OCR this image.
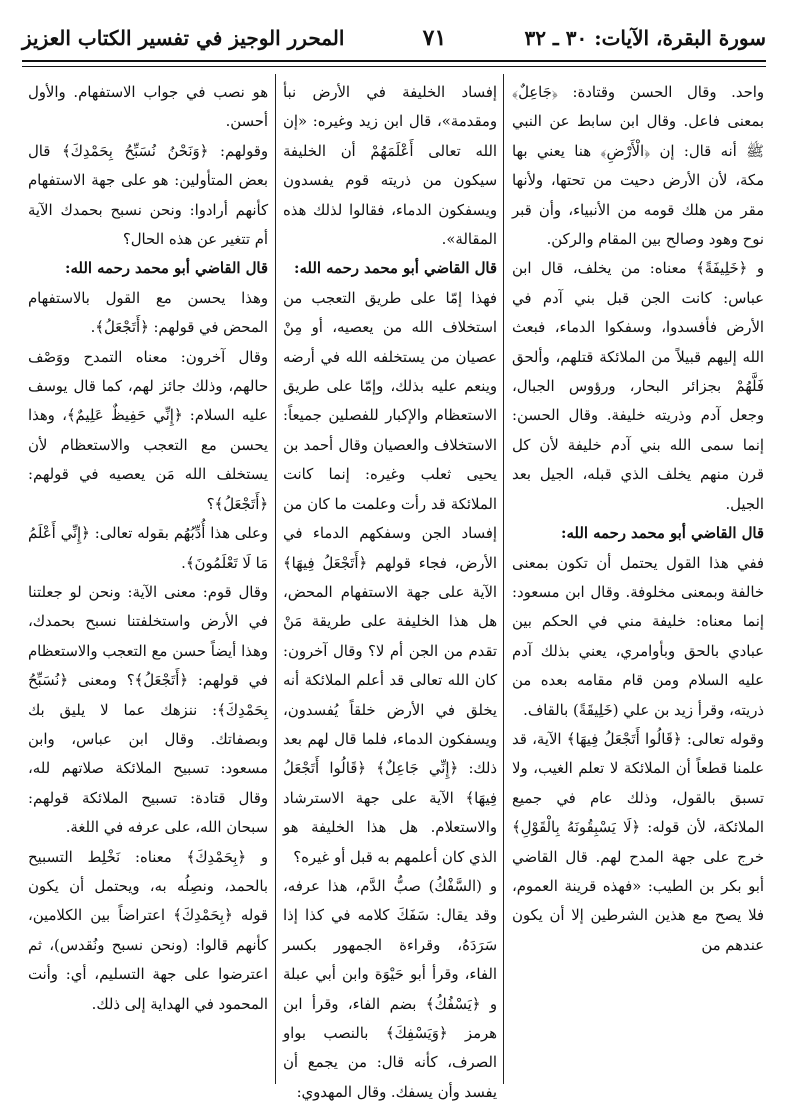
المحرر الوجيز في تفسير الكتاب العزيز	٧١	سورة البقرة، الآيات: ٣٠ ـ ٣٢

واحد. وقال الحسن وقتادة: ﴿جَاعِلٌ﴾ بمعنى فاعل. وقال ابن سابط عن النبي ﷺ أنه قال: إن ﴿الْأَرْضِ﴾ هنا يعني بها مكة، لأن الأرض دحيت من تحتها، ولأنها مقر من هلك قومه من الأنبياء، وأن قبر نوح وهود وصالح بين المقام والركن.

و ﴿خَلِيفَةً﴾ معناه: من يخلف، قال ابن عباس: كانت الجن قبل بني آدم في الأرض فأفسدوا، وسفكوا الدماء، فبعث الله إليهم قبيلاً من الملائكة قتلهم، وألحق فَلَّهُمْ بجزائر البحار، ورؤوس الجبال، وجعل آدم وذريته خليفة. وقال الحسن: إنما سمى الله بني آدم خليفة لأن كل قرن منهم يخلف الذي قبله، الجيل بعد الجيل.

قال القاضي أبو محمد رحمه الله:

ففي هذا القول يحتمل أن تكون بمعنى خالفة وبمعنى مخلوفة. وقال ابن مسعود: إنما معناه: خليفة مني في الحكم بين عبادي بالحق وبأوامري، يعني بذلك آدم عليه السلام ومن قام مقامه بعده من ذريته، وقرأ زيد بن علي (خَلِيقَةً) بالقاف.

وقوله تعالى: ﴿قَالُوا أَتَجْعَلُ فِيهَا﴾ الآية، قد علمنا قطعاً أن الملائكة لا تعلم الغيب، ولا تسبق بالقول، وذلك عام في جميع الملائكة، لأن قوله: ﴿لَا يَسْبِقُونَهُ بِالْقَوْلِ﴾ خرج على جهة المدح لهم. قال القاضي أبو بكر بن الطيب: «فهذه قرينة العموم، فلا يصح مع هذين الشرطين إلا أن يكون عندهم من

إفساد الخليفة في الأرض نبأ ومقدمة»، قال ابن زيد وغيره: «إن الله تعالى أَعْلَمَهُمْ أن الخليفة سيكون من ذريته قوم يفسدون ويسفكون الدماء، فقالوا لذلك هذه المقالة».

قال القاضي أبو محمد رحمه الله:

فهذا إمّا على طريق التعجب من استخلاف الله من يعصيه، أو مِنْ عصيان من يستخلفه الله في أرضه وينعم عليه بذلك، وإمّا على طريق الاستعظام والإكبار للفصلين جميعاً: الاستخلاف والعصيان وقال أحمد بن يحيى ثعلب وغيره: إنما كانت الملائكة قد رأت وعلمت ما كان من إفساد الجن وسفكهم الدماء في الأرض، فجاء قولهم ﴿أَتَجْعَلُ فِيهَا﴾ الآية على جهة الاستفهام المحض، هل هذا الخليفة على طريقة مَنْ تقدم من الجن أم لا؟ وقال آخرون: كان الله تعالى قد أعلم الملائكة أنه يخلق في الأرض خلقاً يُفسدون، ويسفكون الدماء، فلما قال لهم بعد ذلك: ﴿إِنِّي جَاعِلٌ﴾ ﴿قَالُوا أَتَجْعَلُ فِيهَا﴾ الآية على جهة الاسترشاد والاستعلام. هل هذا الخليفة هو الذي كان أعلمهم به قبل أو غيره؟

و (السَّفْكُ) صبُّ الدَّم، هذا عرفه، وقد يقال: سَفَكَ كلامه في كذا إذا سَرَدَهُ، وقراءة الجمهور بكسر الفاء، وقرأ أبو حَيْوَة وابن أبي عبلة و ﴿يَسْفُكُ﴾ بضم الفاء، وقرأ ابن هرمز ﴿وَيَسْفِكَ﴾ بالنصب بواو الصرف، كأنه قال: من يجمع أن يفسد وأن يسفك. وقال المهدوي:

هو نصب في جواب الاستفهام. والأول أحسن.

وقولهم: ﴿وَنَحْنُ نُسَبِّحُ بِحَمْدِكَ﴾ قال بعض المتأولين: هو على جهة الاستفهام كأنهم أرادوا: ونحن نسبح بحمدك الآية أم تتغير عن هذه الحال؟

قال القاضي أبو محمد رحمه الله:

وهذا يحسن مع القول بالاستفهام المحض في قولهم: ﴿أَتَجْعَلُ﴾.

وقال آخرون: معناه التمدح ووَصْف حالهم، وذلك جائز لهم، كما قال يوسف عليه السلام: ﴿إِنِّي حَفِيظٌ عَلِيمٌ﴾، وهذا يحسن مع التعجب والاستعظام لأن يستخلف الله مَن يعصيه في قولهم: ﴿أَتَجْعَلُ﴾؟

وعلى هذا أُدِّبُهُم بقوله تعالى: ﴿إِنِّي أَعْلَمُ مَا لَا تَعْلَمُونَ﴾.

وقال قوم: معنى الآية: ونحن لو جعلتنا في الأرض واستخلفتنا نسبح بحمدك، وهذا أيضاً حسن مع التعجب والاستعظام في قولهم: ﴿أَتَجْعَلُ﴾؟ ومعنى ﴿نُسَبِّحُ بِحَمْدِكَ﴾: ننزهك عما لا يليق بك وبصفاتك. وقال ابن عباس، وابن مسعود: تسبيح الملائكة صلاتهم لله، وقال قتادة: تسبيح الملائكة قولهم: سبحان الله، على عرفه في اللغة.

و ﴿بِحَمْدِكَ﴾ معناه: نَخْلِط التسبيح بالحمد، ونصِلُه به، ويحتمل أن يكون قوله ﴿بِحَمْدِكَ﴾ اعتراضاً بين الكلامين، كأنهم قالوا: (ونحن نسبح ونُقدس)، ثم اعترضوا على جهة التسليم، أي: وأنت المحمود في الهداية إلى ذلك.
